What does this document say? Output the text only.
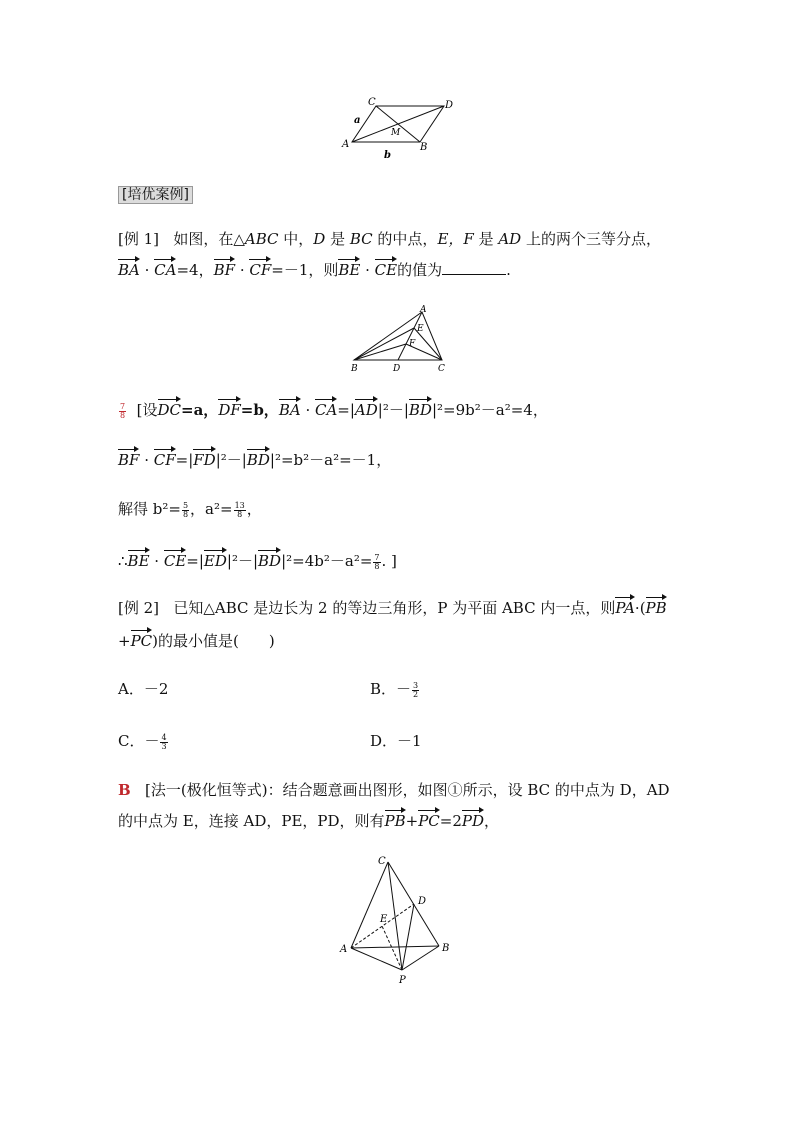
C	D
A	B
M
a
b
[培优案例]
[例 1] 如图，在△ABC 中，D 是 BC 的中点，E，F 是 AD 上的两个三等分点，
BA · CA=4，BF · CF=－1，则BE · CE的值为	.
A
E
F
B	D	C
$\frac{7}{8}$ [设DC=a，DF=b，BA · CA=|AD|²－|BD|²=9b²－a²=4，
BF · CF=|FD|²－|BD|²=b²－a²=－1，
解得 $b^2= \frac{5}{8}$ ，$a^2= \frac{13}{8}$ ，
∴BE · $CE=|ED|^2-|BD|^2=4b^2-a^2= \frac{7}{8}$ . ]
[例 2] 已知△ABC 是边长为 2 的等边三角形，P 为平面 ABC 内一点，则PA·(PB
+PC)的最小值是(　　)
A．－2	B．－ $\frac{3}{2}$
C．－ $\frac{4}{3}$	D．－1
B [法一(极化恒等式)：结合题意画出图形，如图①所示，设 BC 的中点为 D，AD
的中点为 E，连接 AD，PE，PD，则有PB+PC=2PD，
C
D
E
A	B
P
